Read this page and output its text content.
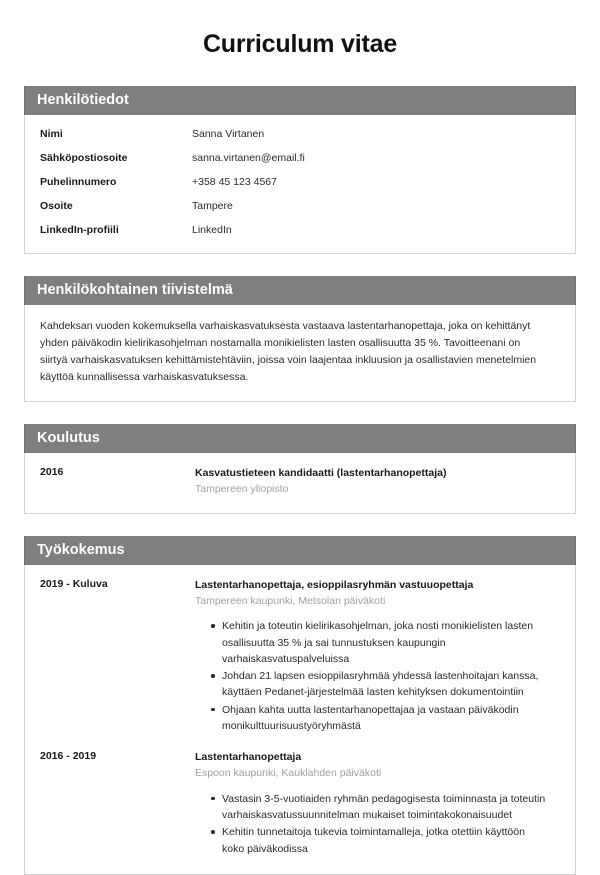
Curriculum vitae
Henkilötiedot
Nimi	Sanna Virtanen
Sähköpostiosoite	sanna.virtanen@email.fi
Puhelinnumero	+358 45 123 4567
Osoite	Tampere
LinkedIn-profiili	LinkedIn
Henkilökohtainen tiivistelmä

Kahdeksan vuoden kokemuksella varhaiskasvatuksesta vastaava lastentarhanopettaja, joka on kehittänyt yhden päiväkodin kielirikasohjelman nostamalla monikielisten lasten osallisuutta 35 %. Tavoitteenani on siirtyä varhaiskasvatuksen kehittämistehtäviin, joissa voin laajentaa inkluusion ja osallistavien menetelmien käyttöä kunnallisessa varhaiskasvatuksessa.

Koulutus
2016	Kasvatustieteen kandidaatti (lastentarhanopettaja)
Tampereen yliopisto
Työkokemus
2019 - Kuluva	Lastentarhanopettaja, esioppilasryhmän vastuuopettaja
Tampereen kaupunki, Metsolan päiväkoti
Kehitin ja toteutin kielirikasohjelman, joka nosti monikielisten lasten osallisuutta 35 % ja sai tunnustuksen kaupungin varhaiskasvatuspalveluissa
Johdan 21 lapsen esioppilasryhmää yhdessä lastenhoitajan kanssa, käyttäen Pedanet-järjestelmää lasten kehityksen dokumentointiin
Ohjaan kahta uutta lastentarhanopettajaa ja vastaan päiväkodin monikulttuurisuustyöryhmästä
2016 - 2019	Lastentarhanopettaja
Espoon kaupunki, Kauklahden päiväkoti
Vastasin 3-5-vuotiaiden ryhmän pedagogisesta toiminnasta ja toteutin varhaiskasvatussuunnitelman mukaiset toimintakokonaisuudet
Kehitin tunnetaitoja tukevia toimintamalleja, jotka otettiin käyttöön koko päiväkodissa
